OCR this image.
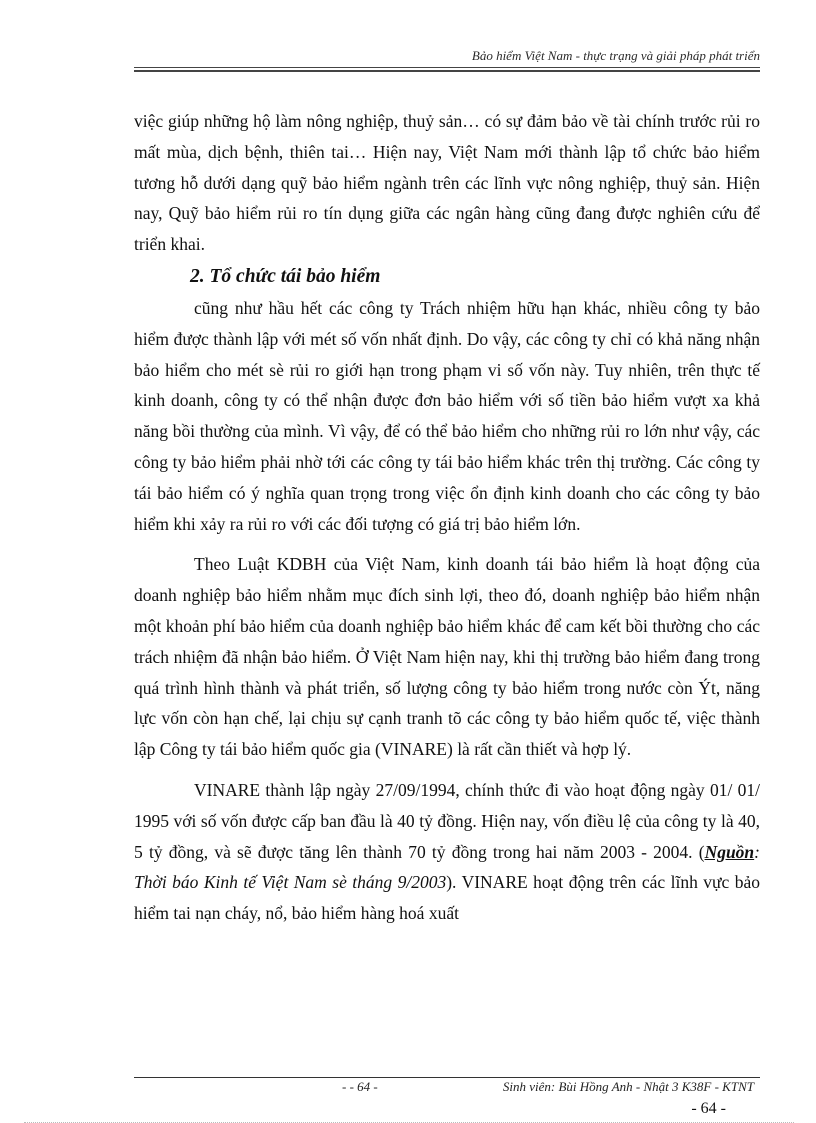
Bảo hiểm Việt Nam - thực trạng và giải pháp phát triển

việc giúp những hộ làm nông nghiệp, thuỷ sản… có sự đảm bảo về tài chính trước rủi ro mất mùa, dịch bệnh, thiên tai… Hiện nay, Việt Nam mới thành lập tổ chức bảo hiểm tương hỗ dưới dạng quỹ bảo hiểm ngành trên các lĩnh vực nông nghiệp, thuỷ sản. Hiện nay, Quỹ bảo hiểm rủi ro tín dụng giữa các ngân hàng cũng đang được nghiên cứu để triển khai.

2. Tổ chức tái bảo hiểm

cũng như hầu hết các công ty Trách nhiệm hữu hạn khác, nhiều công ty bảo hiểm được thành lập với mét số vốn nhất định. Do vậy, các công ty chỉ có khả năng nhận bảo hiểm cho mét sè rủi ro giới hạn trong phạm vi số vốn này. Tuy nhiên, trên thực tế kinh doanh, công ty có thể nhận được đơn bảo hiểm với số tiền bảo hiểm vượt xa khả năng bồi thường của mình. Vì vậy, để có thể bảo hiểm cho những rủi ro lớn như vậy, các công ty bảo hiểm phải nhờ tới các công ty tái bảo hiểm khác trên thị trường. Các công ty tái bảo hiểm có ý nghĩa quan trọng trong việc ổn định kinh doanh cho các công ty bảo hiểm khi xảy ra rủi ro với các đối tượng có giá trị bảo hiểm lớn.

Theo Luật KDBH của Việt Nam, kinh doanh tái bảo hiểm là hoạt động của doanh nghiệp bảo hiểm nhằm mục đích sinh lợi, theo đó, doanh nghiệp bảo hiểm nhận một khoản phí bảo hiểm của doanh nghiệp bảo hiểm khác để cam kết bồi thường cho các trách nhiệm đã nhận bảo hiểm. Ở Việt Nam hiện nay, khi thị trường bảo hiểm đang trong quá trình hình thành và phát triển, số lượng công ty bảo hiểm trong nước còn Ýt, năng lực vốn còn hạn chế, lại chịu sự cạnh tranh tõ các công ty bảo hiểm quốc tế, việc thành lập Công ty tái bảo hiểm quốc gia (VINARE) là rất cần thiết và hợp lý.

VINARE thành lập ngày 27/09/1994, chính thức đi vào hoạt động ngày 01/ 01/ 1995 với số vốn được cấp ban đầu là 40 tỷ đồng. Hiện nay, vốn điều lệ của công ty là 40, 5 tỷ đồng, và sẽ được tăng lên thành 70 tỷ đồng trong hai năm 2003 - 2004. (Nguồn: Thời báo Kinh tế Việt Nam sè tháng 9/2003). VINARE hoạt động trên các lĩnh vực bảo hiểm tai nạn cháy, nổ, bảo hiểm hàng hoá xuất

- - 64 -	Sinh viên: Bùi Hồng Anh - Nhật 3 K38F - KTNT
- 64 -
